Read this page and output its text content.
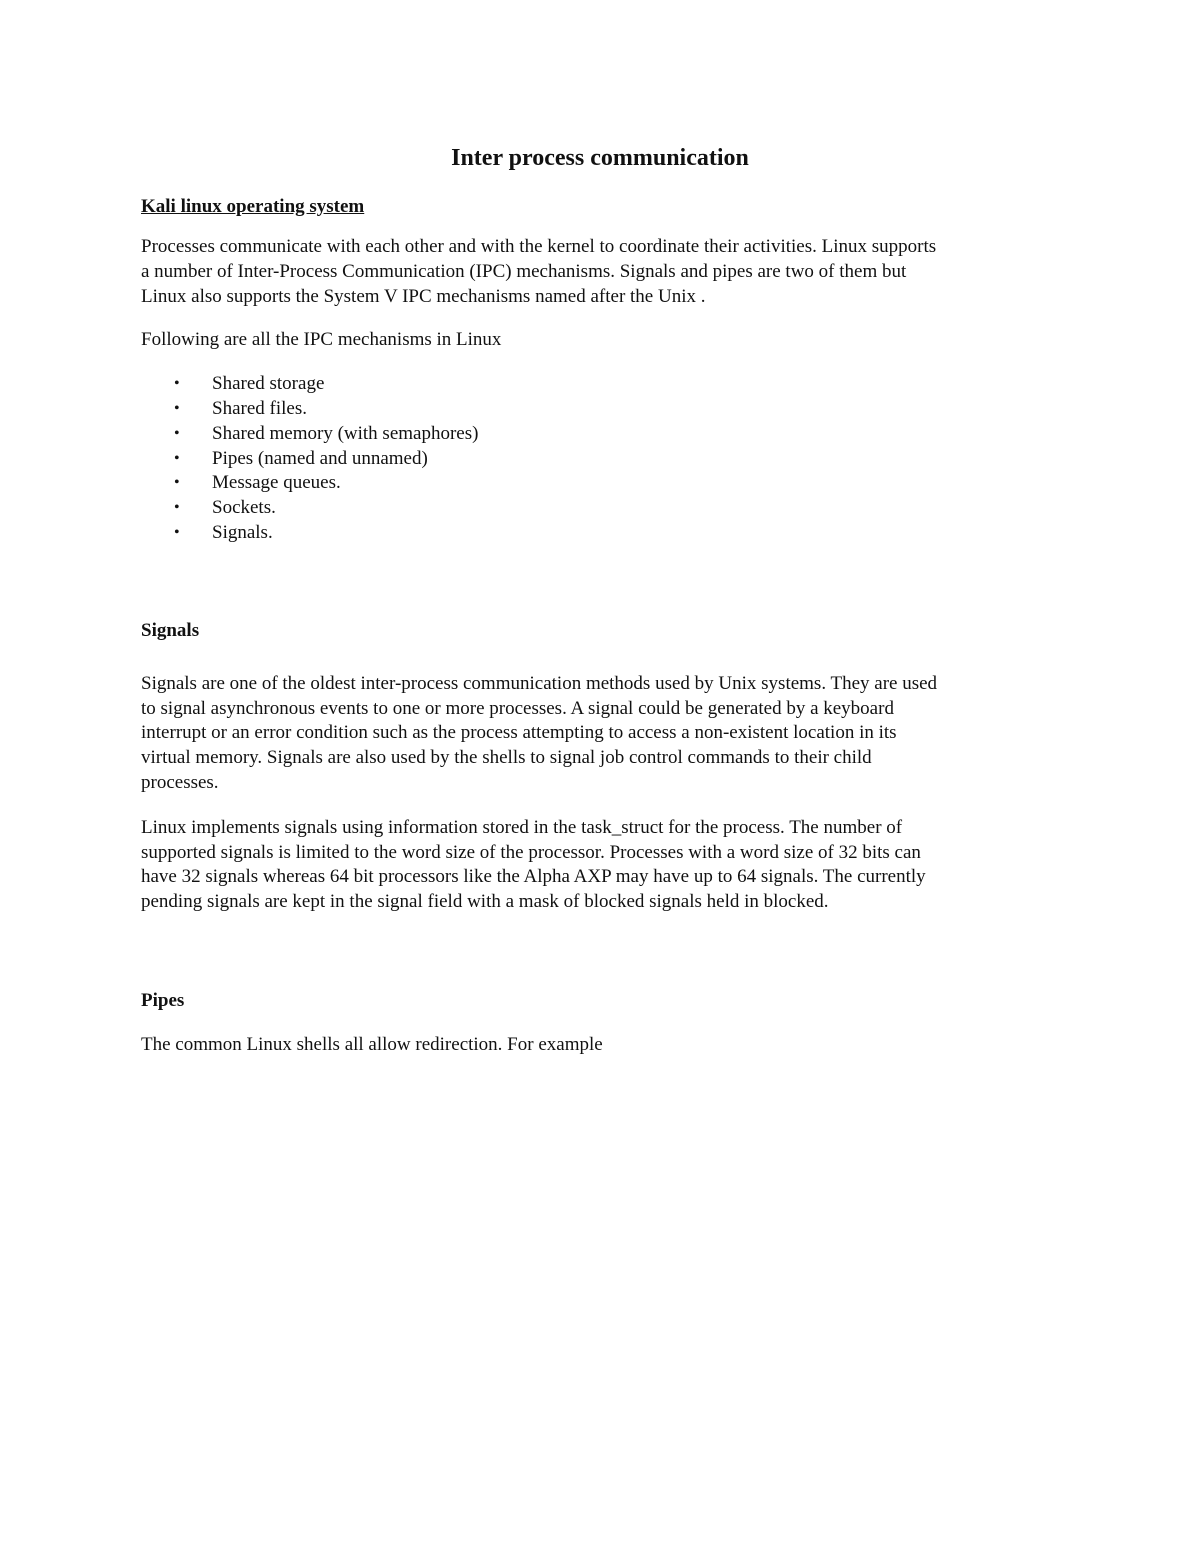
Inter process communication
Kali linux operating system

Processes communicate with each other and with the kernel to coordinate their activities. Linux supports
a number of Inter-Process Communication (IPC) mechanisms. Signals and pipes are two of them but
Linux also supports the System V IPC mechanisms named after the Unix .

Following are all the IPC mechanisms in Linux

• Shared storage
• Shared files.
• Shared memory (with semaphores)
• Pipes (named and unnamed)
• Message queues.
• Sockets.
• Signals.
Signals

Signals are one of the oldest inter-process communication methods used by Unix systems. They are used
to signal asynchronous events to one or more processes. A signal could be generated by a keyboard
interrupt or an error condition such as the process attempting to access a non-existent location in its
virtual memory. Signals are also used by the shells to signal job control commands to their child
processes.

Linux implements signals using information stored in the task_struct for the process. The number of
supported signals is limited to the word size of the processor. Processes with a word size of 32 bits can
have 32 signals whereas 64 bit processors like the Alpha AXP may have up to 64 signals. The currently
pending signals are kept in the signal field with a mask of blocked signals held in blocked.

Pipes

The common Linux shells all allow redirection. For example
